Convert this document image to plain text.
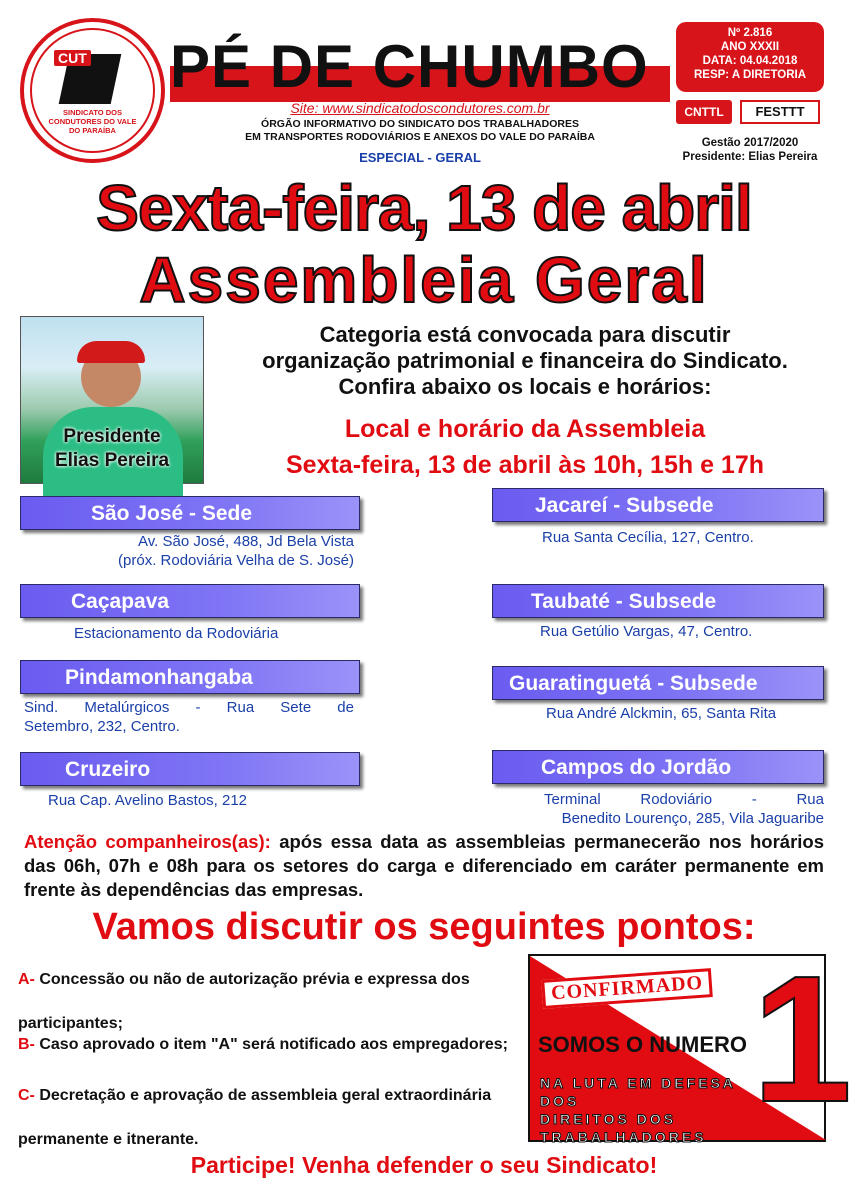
CUT
SINDICATO DOS CONDUTORES DO VALE DO PARAÍBA
PÉ DE CHUMBO
Site: www.sindicatodoscondutores.com.br
ÓRGÃO INFORMATIVO DO SINDICATO DOS TRABALHADORES
EM TRANSPORTES RODOVIÁRIOS E ANEXOS DO VALE DO PARAÍBA
ESPECIAL - GERAL
Nº 2.816
ANO XXXII
DATA: 04.04.2018
RESP: A DIRETORIA
CNTTL	FESTTT
Gestão 2017/2020
Presidente: Elias Pereira
Sexta-feira, 13 de abril
Assembleia Geral
Presidente
Elias Pereira
Categoria está convocada para discutir
organização patrimonial e financeira do Sindicato.
Confira abaixo os locais e horários:
Local e horário da Assembleia
Sexta-feira, 13 de abril às 10h, 15h e 17h
São José - Sede
Av. São José, 488, Jd Bela Vista
(próx. Rodoviária Velha de S. José)
Caçapava
Estacionamento da Rodoviária
Pindamonhangaba
Sind. Metalúrgicos - Rua Sete de
Setembro, 232, Centro.
Cruzeiro
Rua Cap. Avelino Bastos, 212
Jacareí - Subsede
Rua Santa Cecília, 127, Centro.
Taubaté - Subsede
Rua Getúlio Vargas, 47, Centro.
Guaratinguetá - Subsede
Rua André Alckmin, 65, Santa Rita
Campos do Jordão
Terminal Rodoviário - Rua
Benedito Lourenço, 285, Vila Jaguaribe
Atenção companheiros(as): após essa data as assembleias permanecerão nos horários das 06h, 07h e 08h para os setores do carga e diferenciado em caráter permanente em frente às dependências das empresas.
Vamos discutir os seguintes pontos:
A- Concessão ou não de autorização prévia e expressa dos participantes;
B- Caso aprovado o item "A" será notificado aos empregadores;
C- Decretação e aprovação de assembleia geral extraordinária permanente e itnerante.	1
CONFIRMADO
SOMOS O NUMERO
NA LUTA EM DEFESA DOS
DIREITOS DOS
TRABALHADORES
Participe! Venha defender o seu Sindicato!
